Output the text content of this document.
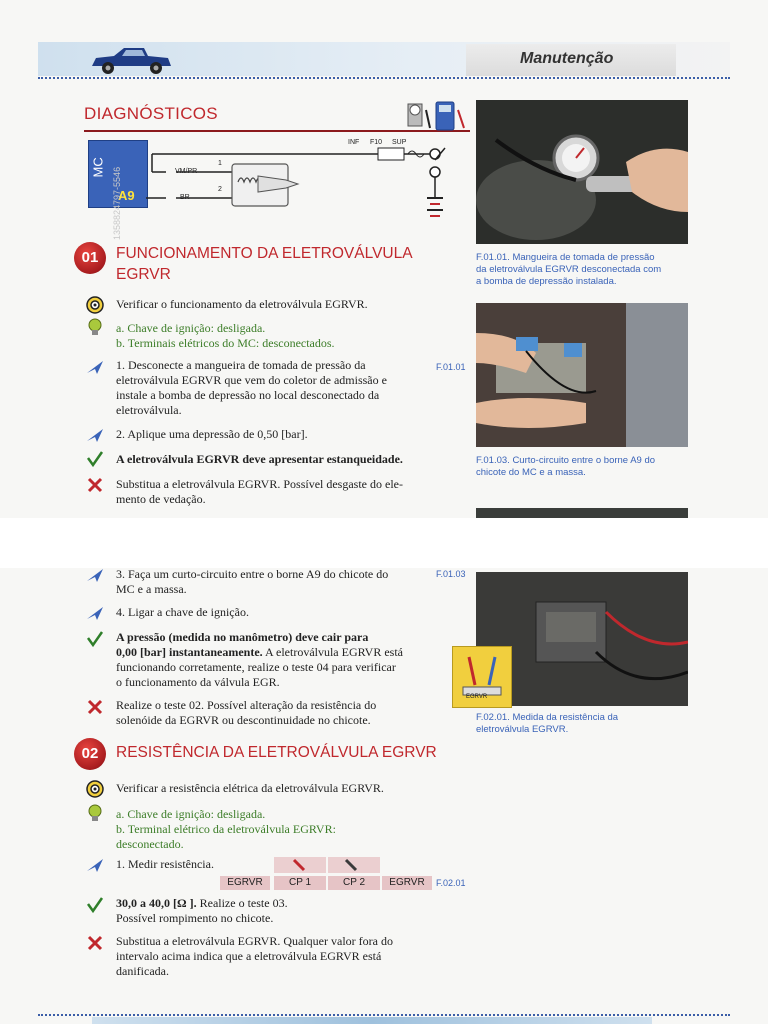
Manutenção
DIAGNÓSTICOS
MC
A9
VM/PR
BR
1
2
INF F10 SUP
F.01.01. Mangueira de tomada de pressão
da eletroválvula EGRVR desconectada com
a bomba de depressão instalada.
F.01.03. Curto-circuito entre o borne A9 do
chicote do MC e a massa.
EGRVR
F.02.01. Medida da resistência da
eletroválvula EGRVR.
01	FUNCIONAMENTO DA ELETROVÁLVULA
EGRVR
Verificar o funcionamento da eletroválvula EGRVR.
a. Chave de ignição: desligada.
b. Terminais elétricos do MC: desconectados.
1. Desconecte a mangueira de tomada de pressão da	F.01.01
eletroválvula EGRVR que vem do coletor de admissão e
instale a bomba de depressão no local desconectado da
eletroválvula.
2. Aplique uma depressão de 0,50 [bar].
A eletroválvula EGRVR deve apresentar estanqueidade.
Substitua a eletroválvula EGRVR. Possível desgaste do ele-
mento de vedação.
3. Faça um curto-circuito entre o borne A9 do chicote do	F.01.03
MC e a massa.
4. Ligar a chave de ignição.
A pressão (medida no manômetro) deve cair para
0,00 [bar] instantaneamente. A eletroválvula EGRVR está
funcionando corretamente, realize o teste 04 para verificar
o funcionamento da válvula EGR.
Realize o teste 02. Possível alteração da resistência do
solenóide da EGRVR ou descontinuidade no chicote.
02	RESISTÊNCIA DA ELETROVÁLVULA EGRVR
Verificar a resistência elétrica da eletroválvula EGRVR.
a. Chave de ignição: desligada.
b. Terminal elétrico da eletroválvula EGRVR:
desconectado.
1. Medir resistência.
EGRVR	CP 1	CP 2	EGRVR	F.02.01
30,0 a 40,0 [Ω ]. Realize o teste 03.
Possível rompimento no chicote.
Substitua a eletroválvula EGRVR. Qualquer valor fora do
intervalo acima indica que a eletroválvula EGRVR está
danificada.
1358824797-5546
